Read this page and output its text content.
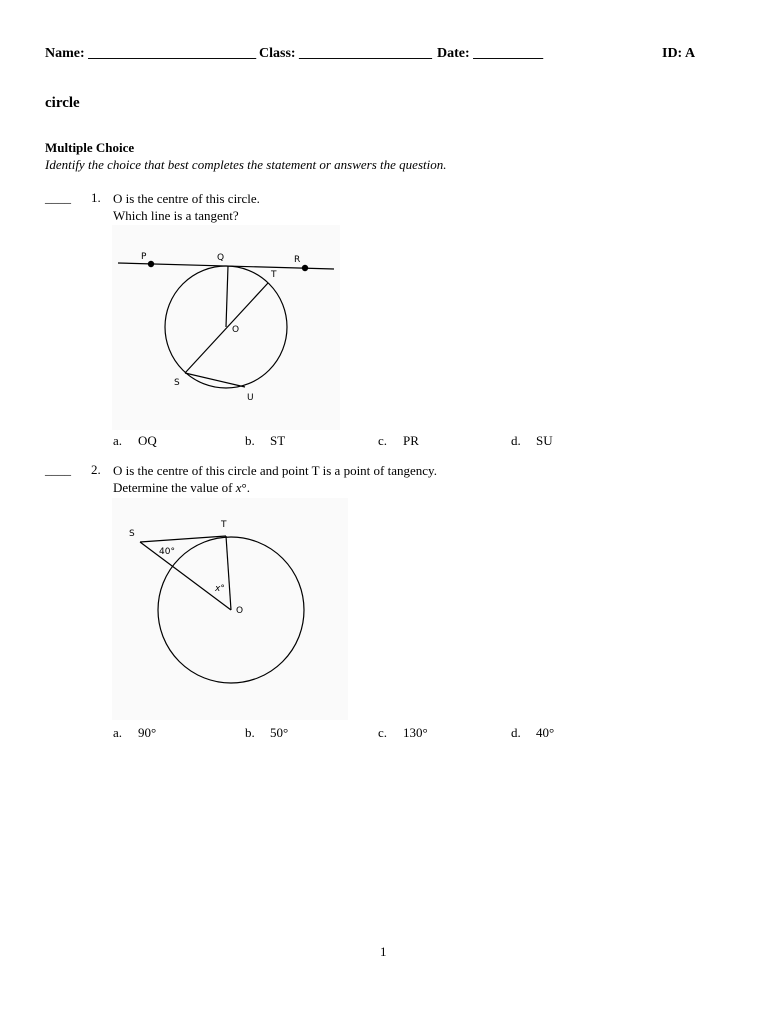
Name: ________________________ Class: ___________________ Date: __________	ID: A
circle
Multiple Choice
Identify the choice that best completes the statement or answers the question.
____ 1. O is the centre of this circle.
Which line is a tangent?
P	Q	R
T
O
S
U
a. OQ	b. ST	c. PR	d. SU
____ 2. O is the centre of this circle and point T is a point of tangency.
Determine the value of x°.
S
T
40°
x°
O
a. 90°	b. 50°	c. 130°	d. 40°
1
